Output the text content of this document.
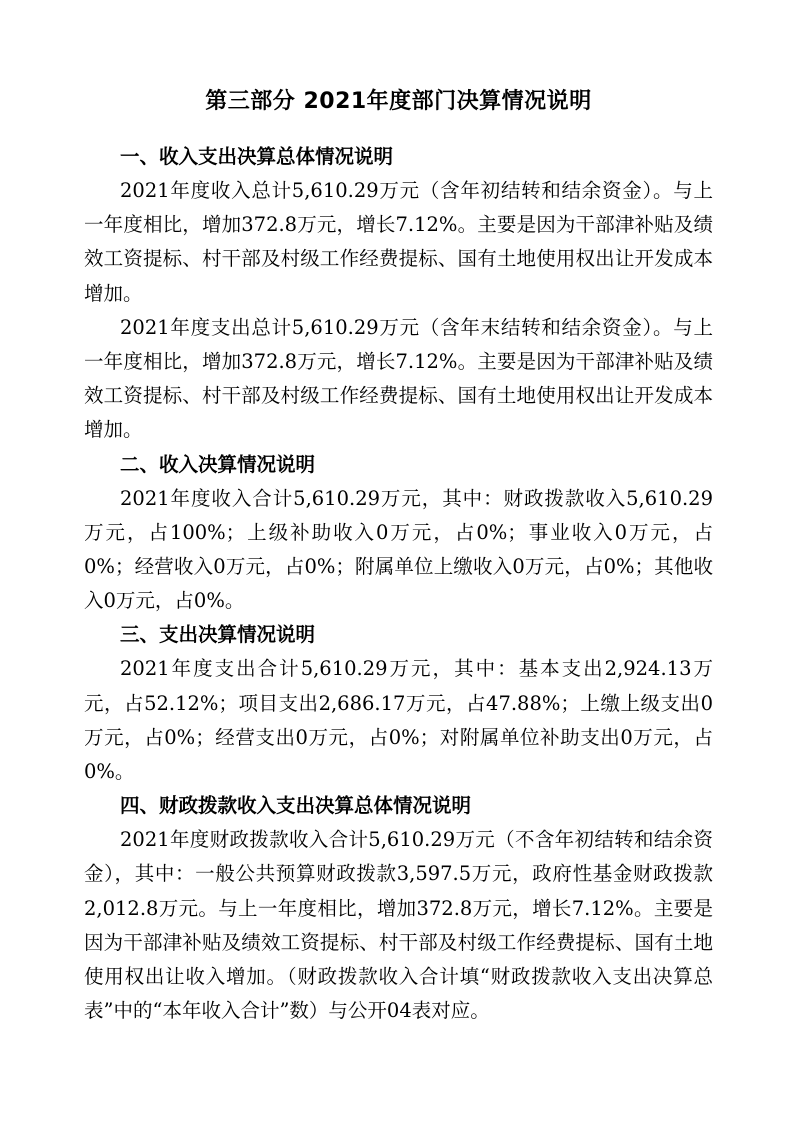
第三部分 2021年度部门决算情况说明
一、收入支出决算总体情况说明

2021年度收入总计5,610.29万元（含年初结转和结余资金）。与上一年度相比，增加372.8万元，增长7.12%。主要是因为干部津补贴及绩效工资提标、村干部及村级工作经费提标、国有土地使用权出让开发成本增加。

2021年度支出总计5,610.29万元（含年末结转和结余资金）。与上一年度相比，增加372.8万元，增长7.12%。主要是因为干部津补贴及绩效工资提标、村干部及村级工作经费提标、国有土地使用权出让开发成本增加。

二、收入决算情况说明

2021年度收入合计5,610.29万元，其中：财政拨款收入5,610.29万元，占100%；上级补助收入0万元，占0%；事业收入0万元，占0%；经营收入0万元，占0%；附属单位上缴收入0万元，占0%；其他收入0万元，占0%。

三、支出决算情况说明

2021年度支出合计5,610.29万元，其中：基本支出2,924.13万元，占52.12%；项目支出2,686.17万元，占47.88%；上缴上级支出0万元，占0%；经营支出0万元，占0%；对附属单位补助支出0万元，占0%。

四、财政拨款收入支出决算总体情况说明

2021年度财政拨款收入合计5,610.29万元（不含年初结转和结余资金），其中：一般公共预算财政拨款3,597.5万元，政府性基金财政拨款2,012.8万元。与上一年度相比，增加372.8万元，增长7.12%。主要是因为干部津补贴及绩效工资提标、村干部及村级工作经费提标、国有土地使用权出让收入增加。（财政拨款收入合计填“财政拨款收入支出决算总表”中的“本年收入合计”数）与公开04表对应。
